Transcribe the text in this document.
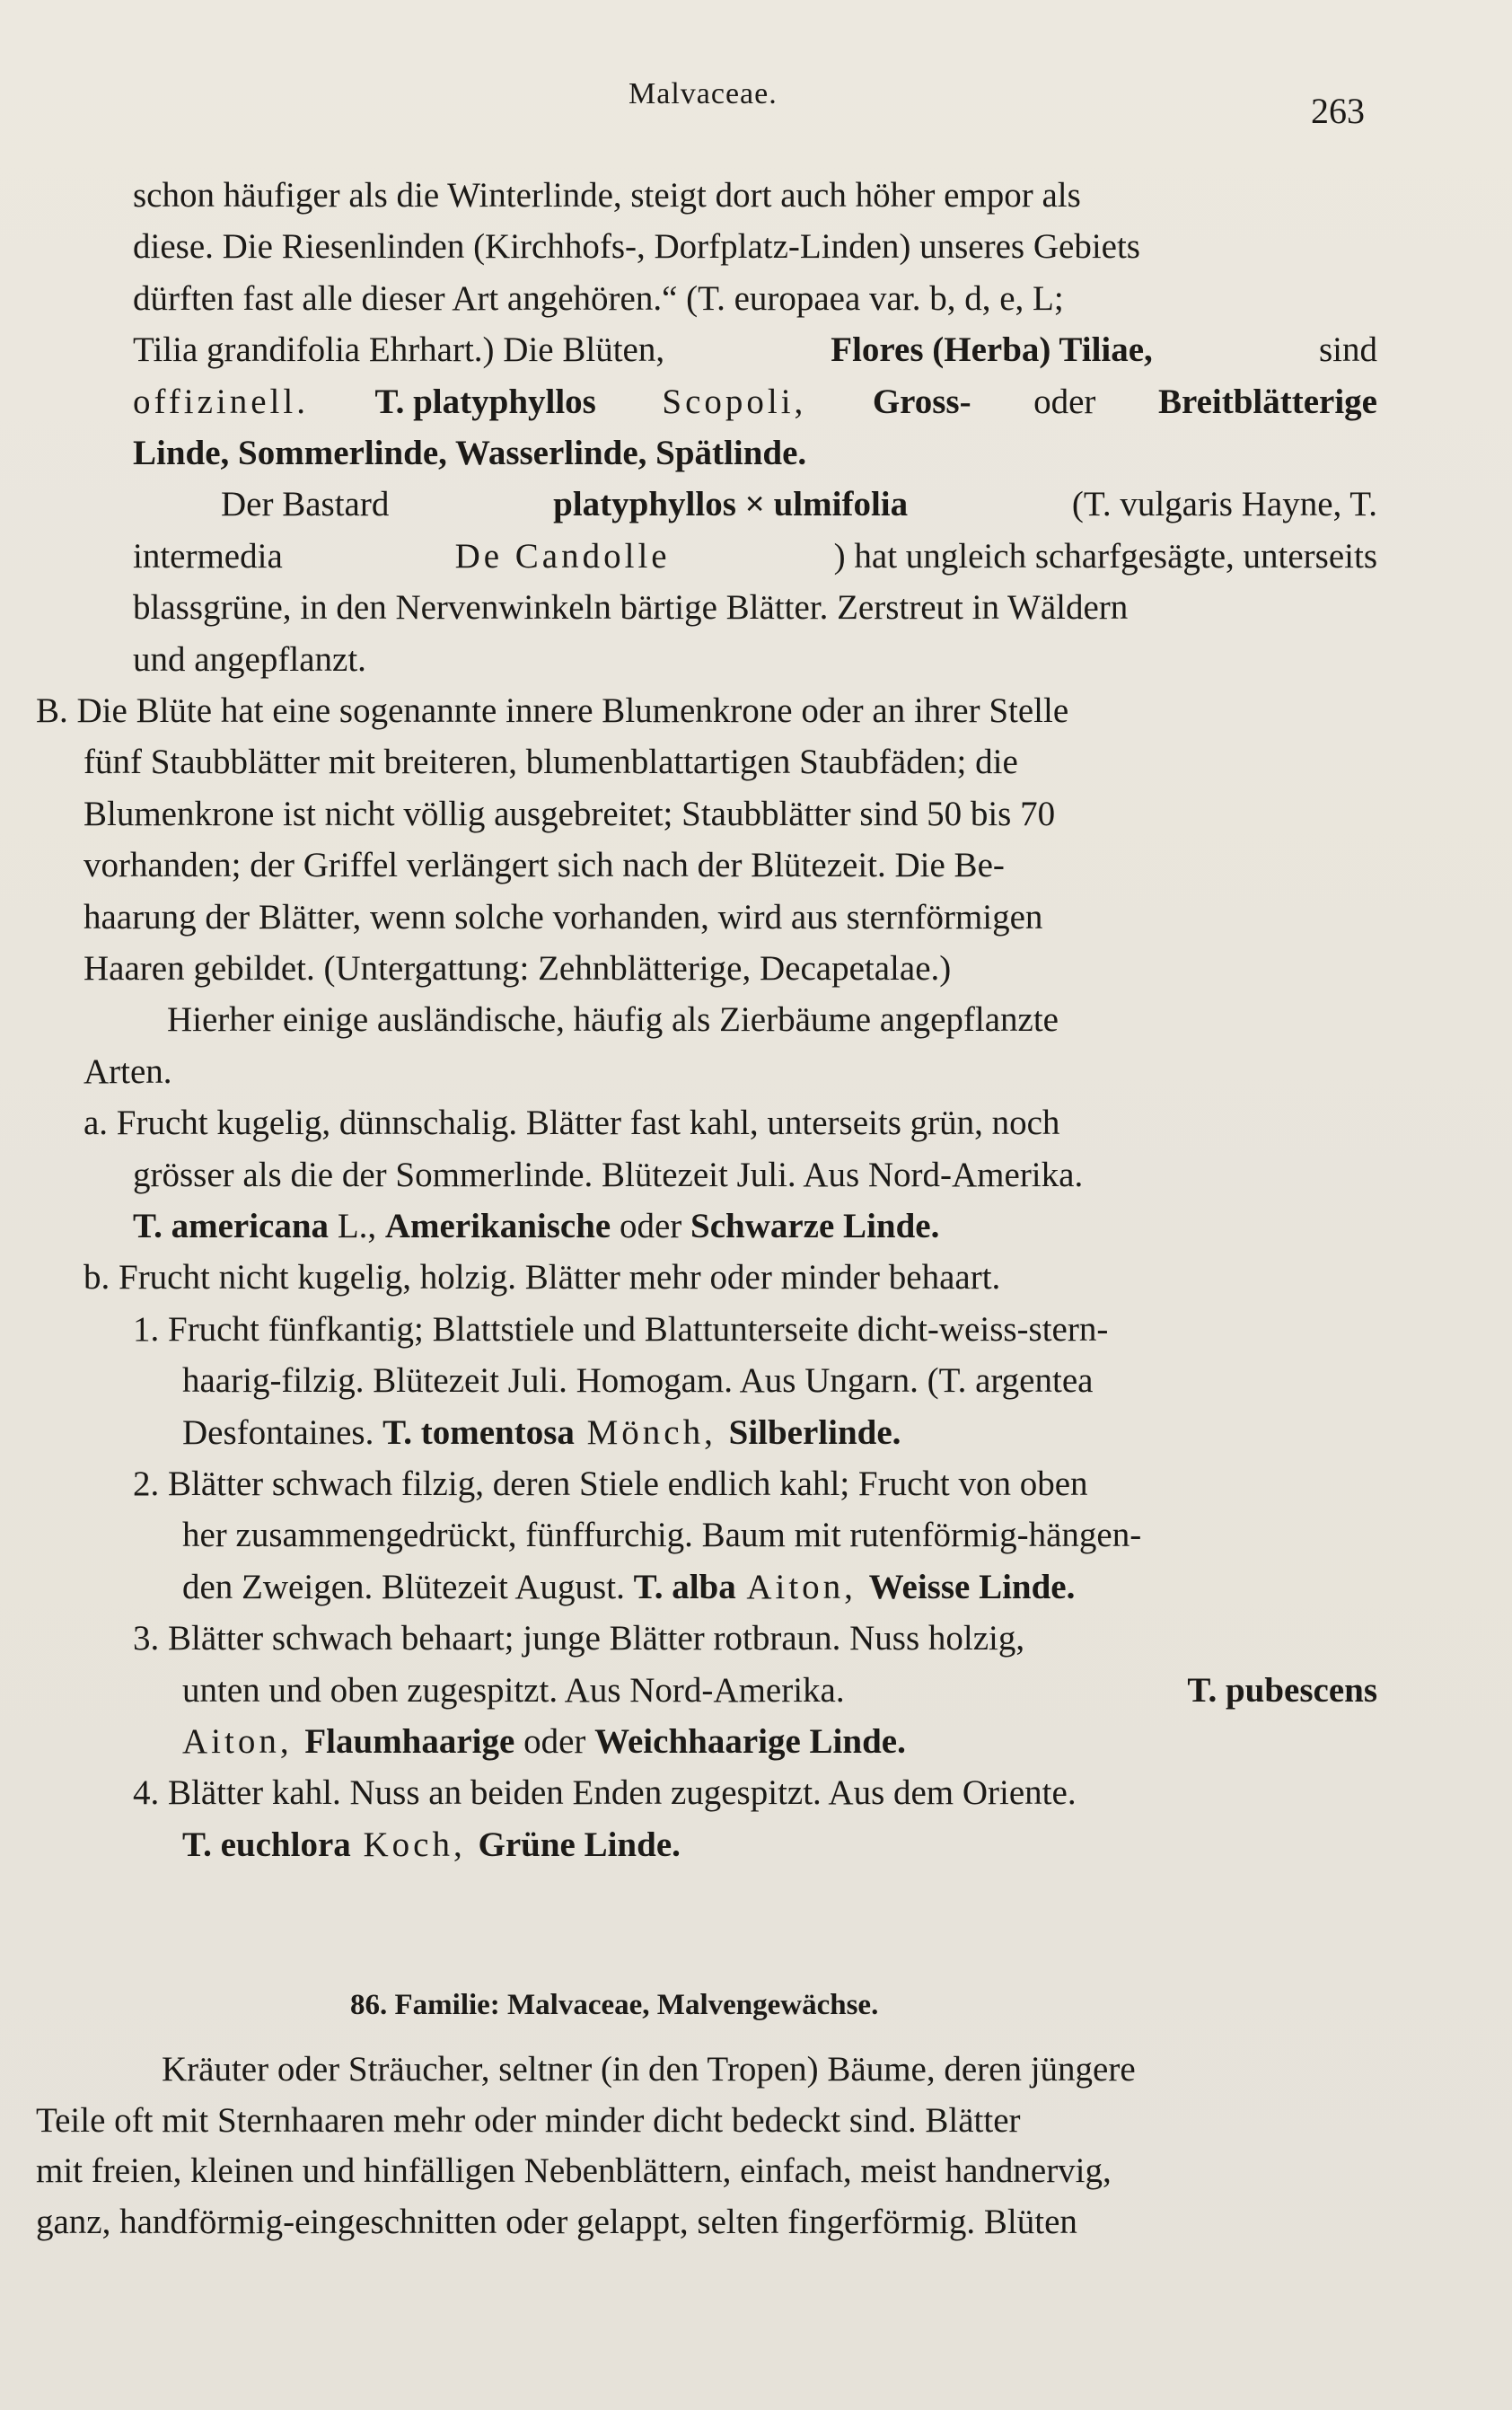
Malvaceae.	263
schon häufiger als die Winterlinde, steigt dort auch höher empor als
diese. Die Riesenlinden (Kirchhofs-, Dorfplatz-Linden) unseres Gebiets
dürften fast alle dieser Art angehören.“ (T. europaea var. b, d, e, L;
Tilia grandifolia Ehrhart.) Die Blüten,	Flores (Herba) Tiliae,	sind
offizinell. T. platyphyllos Scopoli, Gross- oder Breitblätterige
Linde, Sommerlinde, Wasserlinde, Spätlinde.
Der Bastard	platyphyllos × ulmifolia	(T. vulgaris Hayne, T.
intermedia	De Candolle	) hat ungleich scharfgesägte, unterseits
blassgrüne, in den Nervenwinkeln bärtige Blätter. Zerstreut in Wäldern
und angepflanzt.
B. Die Blüte hat eine sogenannte innere Blumenkrone oder an ihrer Stelle
fünf Staubblätter mit breiteren, blumenblattartigen Staubfäden; die
Blumenkrone ist nicht völlig ausgebreitet; Staubblätter sind 50 bis 70
vorhanden; der Griffel verlängert sich nach der Blütezeit. Die Be-
haarung der Blätter, wenn solche vorhanden, wird aus sternförmigen
Haaren gebildet. (Untergattung: Zehnblätterige, Decapetalae.)
Hierher einige ausländische, häufig als Zierbäume angepflanzte
Arten.
a. Frucht kugelig, dünnschalig. Blätter fast kahl, unterseits grün, noch
grösser als die der Sommerlinde. Blütezeit Juli. Aus Nord-Amerika.
T. americana L., Amerikanische oder Schwarze Linde.
b. Frucht nicht kugelig, holzig. Blätter mehr oder minder behaart.
1. Frucht fünfkantig; Blattstiele und Blattunterseite dicht-weiss-stern-
haarig-filzig. Blütezeit Juli. Homogam. Aus Ungarn. (T. argentea
Desfontaines. T. tomentosa Mönch, Silberlinde.
2. Blätter schwach filzig, deren Stiele endlich kahl; Frucht von oben
her zusammengedrückt, fünffurchig. Baum mit rutenförmig-hängen-
den Zweigen. Blütezeit August. T. alba Aiton, Weisse Linde.
3. Blätter schwach behaart; junge Blätter rotbraun. Nuss holzig,
unten und oben zugespitzt. Aus Nord-Amerika.	T. pubescens
Aiton, Flaumhaarige oder Weichhaarige Linde.
4. Blätter kahl. Nuss an beiden Enden zugespitzt. Aus dem Oriente.
T. euchlora Koch, Grüne Linde.
86. Familie: Malvaceae, Malvengewächse.
Kräuter oder Sträucher, seltner (in den Tropen) Bäume, deren jüngere
Teile oft mit Sternhaaren mehr oder minder dicht bedeckt sind. Blätter
mit freien, kleinen und hinfälligen Nebenblättern, einfach, meist handnervig,
ganz, handförmig-eingeschnitten oder gelappt, selten fingerförmig. Blüten
